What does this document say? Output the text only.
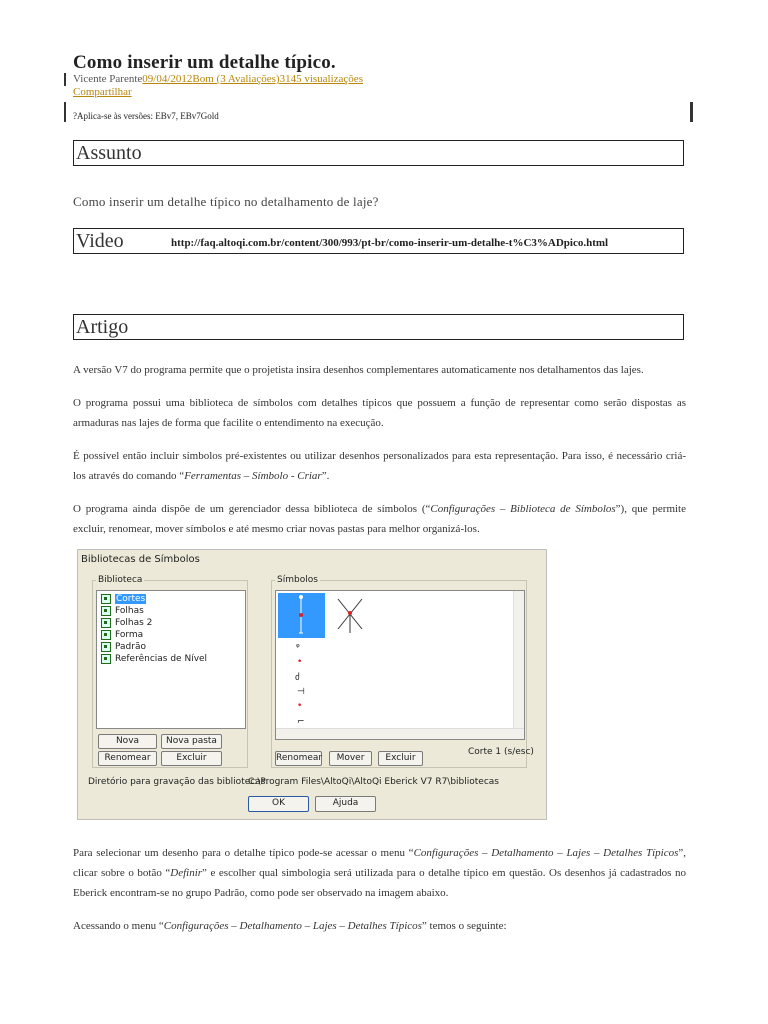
Como inserir um detalhe típico.
Vicente Parente09/04/2012Bom (3 Avaliações)3145 visualizações
Compartilhar
?Aplica-se às versões: EBv7, EBv7Gold
Assunto
Como inserir um detalhe típico no detalhamento de laje?
Video	http://faq.altoqi.com.br/content/300/993/pt-br/como-inserir-um-detalhe-t%C3%ADpico.html
Artigo
A versão V7 do programa permite que o projetista insira desenhos complementares automaticamente nos detalhamentos das lajes.
O programa possui uma biblioteca de símbolos com detalhes típicos que possuem a função de representar como serão dispostas as armaduras nas lajes de forma que facilite o entendimento na execução.
É possível então incluir símbolos pré-existentes ou utilizar desenhos personalizados para esta representação. Para isso, é necessário criá-los através do comando “Ferramentas – Símbolo - Criar”.
O programa ainda dispõe de um gerenciador dessa biblioteca de símbolos (“Configurações – Biblioteca de Símbolos”), que permite excluir, renomear, mover símbolos e até mesmo criar novas pastas para melhor organizá-los.
Bibliotecas de Símbolos
Biblioteca
Cortes
Folhas
Folhas 2
Forma
Padrão
Referências de Nível
Nova	Nova pasta
Renomear	Excluir
Símbolos
ᵠ
•
ძ
⊣
•
⌐
Corte 1 (s/esc)
Renomear	Mover	Excluir
Diretório para gravação das bibliotecas:
C:\Program Files\AltoQi\AltoQi Eberick V7 R7\bibliotecas
OK	Ajuda
Para selecionar um desenho para o detalhe típico pode-se acessar o menu “Configurações – Detalhamento – Lajes – Detalhes Típicos”, clicar sobre o botão “Definir” e escolher qual simbologia será utilizada para o detalhe típico em questão. Os desenhos já cadastrados no Eberick encontram-se no grupo Padrão, como pode ser observado na imagem abaixo.
Acessando o menu “Configurações – Detalhamento – Lajes – Detalhes Típicos” temos o seguinte:
